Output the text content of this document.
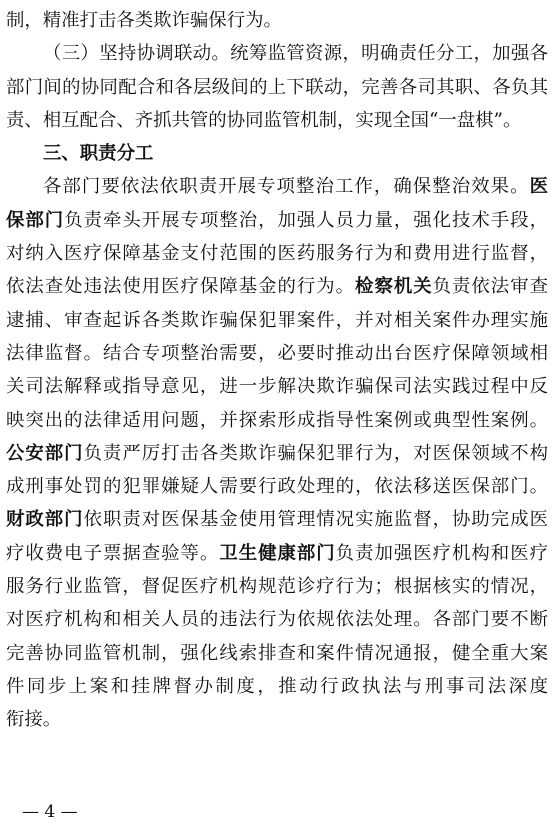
制，精准打击各类欺诈骗保行为。
（三）坚持协调联动。统筹监管资源，明确责任分工，加强各
部门间的协同配合和各层级间的上下联动，完善各司其职、各负其
责、相互配合、齐抓共管的协同监管机制，实现全国“一盘棋”。
三、职责分工
各部门要依法依职责开展专项整治工作，确保整治效果。医
保部门负责牵头开展专项整治，加强人员力量，强化技术手段，
对纳入医疗保障基金支付范围的医药服务行为和费用进行监督，
依法查处违法使用医疗保障基金的行为。检察机关负责依法审查
逮捕、审查起诉各类欺诈骗保犯罪案件，并对相关案件办理实施
法律监督。结合专项整治需要，必要时推动出台医疗保障领域相
关司法解释或指导意见，进一步解决欺诈骗保司法实践过程中反
映突出的法律适用问题，并探索形成指导性案例或典型性案例。
公安部门负责严厉打击各类欺诈骗保犯罪行为，对医保领域不构
成刑事处罚的犯罪嫌疑人需要行政处理的，依法移送医保部门。
财政部门依职责对医保基金使用管理情况实施监督，协助完成医
疗收费电子票据查验等。卫生健康部门负责加强医疗机构和医疗
服务行业监管，督促医疗机构规范诊疗行为；根据核实的情况，
对医疗机构和相关人员的违法行为依规依法处理。各部门要不断
完善协同监管机制，强化线索排查和案件情况通报，健全重大案
件同步上案和挂牌督办制度，推动行政执法与刑事司法深度
衔接。
— 4 —
